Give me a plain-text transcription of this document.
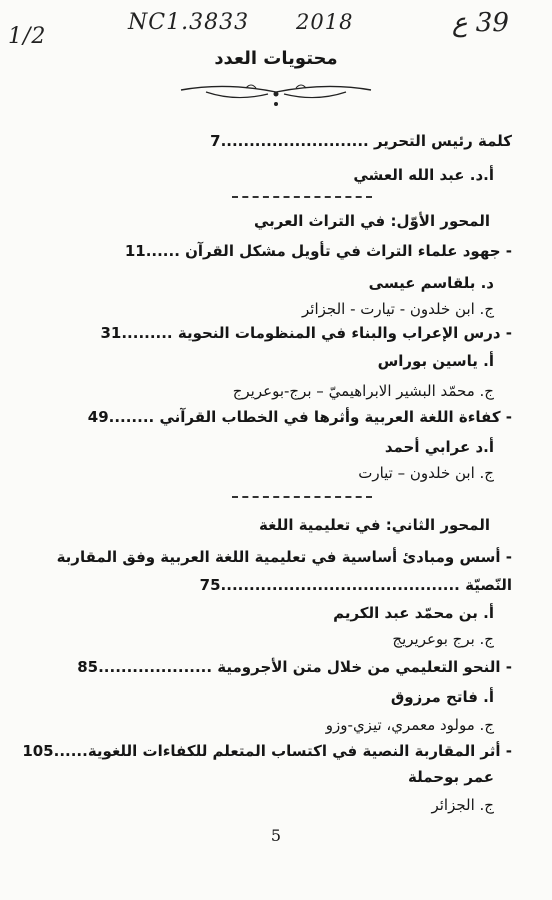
1/2
NC1.3833 2018	39 ع
محتويات العدد
كلمة رئيس التحرير ..........................7
أ.د. عبد الله العشي
المحور الأوّل: في التراث العربي
- جهود علماء التراث في تأويل مشكل القرآن ......11
د. بلقاسم عيسى
ج. ابن خلدون - تيارت - الجزائر
- درس الإعراب والبناء في المنظومات النحوية .........31
أ. ياسين بوراس
ج. محمّد البشير الابراهيميّ – برج-بوعريرج
- كفاءة اللغة العربية وأثرها في الخطاب القرآني ........49
أ.د عرابي أحمد
ج. ابن خلدون – تيارت
المحور الثاني: في تعليمية اللغة
- أسس ومبادئ أساسية في تعليمية اللغة العربية وفق المقاربة
النّصيّة ..........................................75
أ. بن محمّد عبد الكريم
ج. برج بوعريريج
- النحو التعليمي من خلال متن الأجرومية ....................85
أ. فاتح مرزوق
ج. مولود معمري، تيزي-وزو
- أثر المقاربة النصية في اكتساب المتعلم للكفاءات اللغوية......105
عمر بوحملة
ج. الجزائر
5
